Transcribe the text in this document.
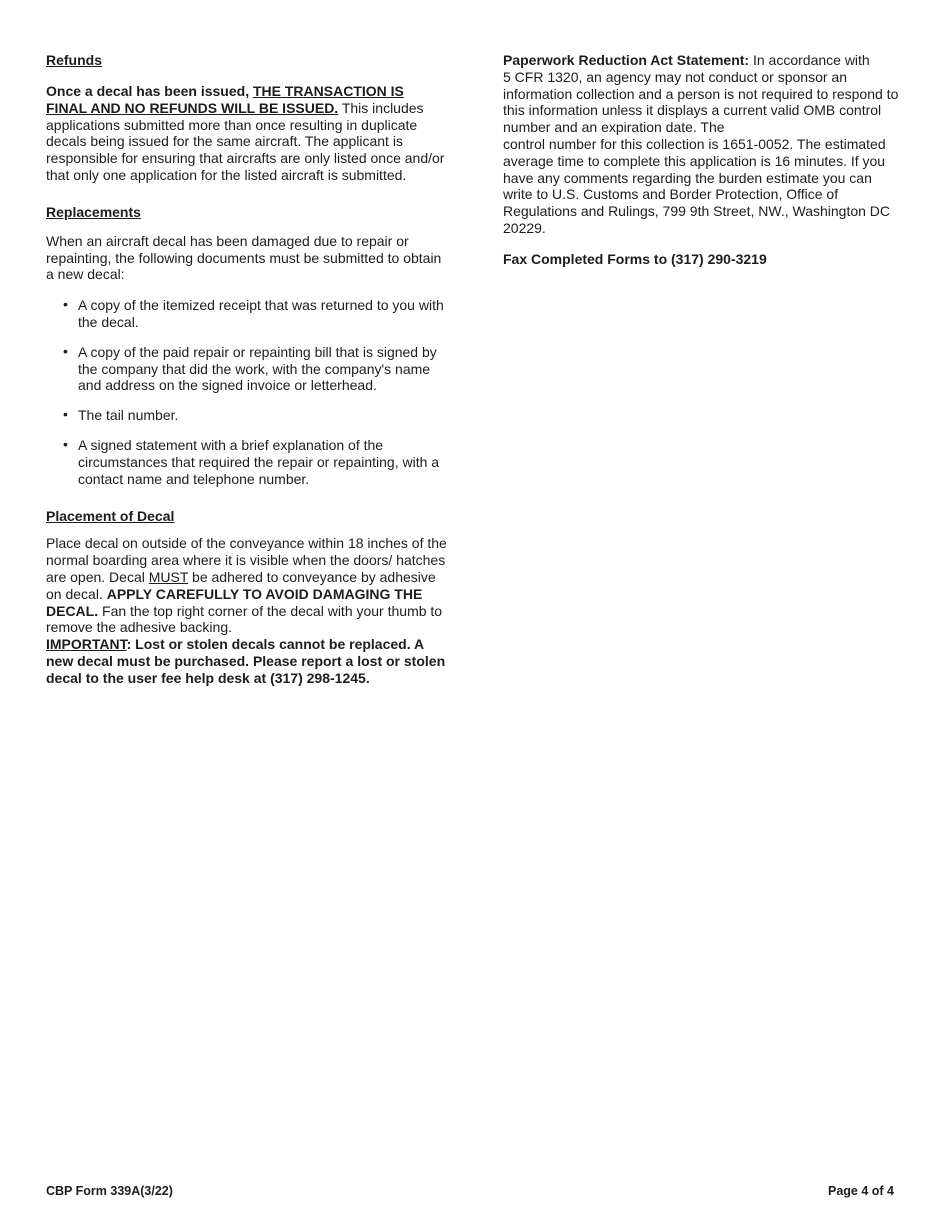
Refunds

Once a decal has been issued, THE TRANSACTION IS FINAL AND NO REFUNDS WILL BE ISSUED. This includes applications submitted more than once resulting in duplicate decals being issued for the same aircraft. The applicant is responsible for ensuring that aircrafts are only listed once and/or that only one application for the listed aircraft is submitted.

Replacements

When an aircraft decal has been damaged due to repair or repainting, the following documents must be submitted to obtain a new decal:

• A copy of the itemized receipt that was returned to you with the decal.
• A copy of the paid repair or repainting bill that is signed by the company that did the work, with the company's name and address on the signed invoice or letterhead.
• The tail number.
• A signed statement with a brief explanation of the circumstances that required the repair or repainting, with a contact name and telephone number.
Placement of Decal

Place decal on outside of the conveyance within 18 inches of the normal boarding area where it is visible when the doors/ hatches are open. Decal MUST be adhered to conveyance by adhesive on decal. APPLY CAREFULLY TO AVOID DAMAGING THE DECAL. Fan the top right corner of the decal with your thumb to remove the adhesive backing.
IMPORTANT: Lost or stolen decals cannot be replaced. A new decal must be purchased. Please report a lost or stolen decal to the user fee help desk at (317) 298-1245.

Paperwork Reduction Act Statement: In accordance with
5 CFR 1320, an agency may not conduct or sponsor an information collection and a person is not required to respond to this information unless it displays a current valid OMB control number and an expiration date. The
control number for this collection is 1651-0052. The estimated average time to complete this application is 16 minutes. If you have any comments regarding the burden estimate you can write to U.S. Customs and Border Protection, Office of Regulations and Rulings, 799 9th Street, NW., Washington DC 20229.

Fax Completed Forms to (317) 290-3219

CBP Form 339A(3/22)	Page 4 of 4
